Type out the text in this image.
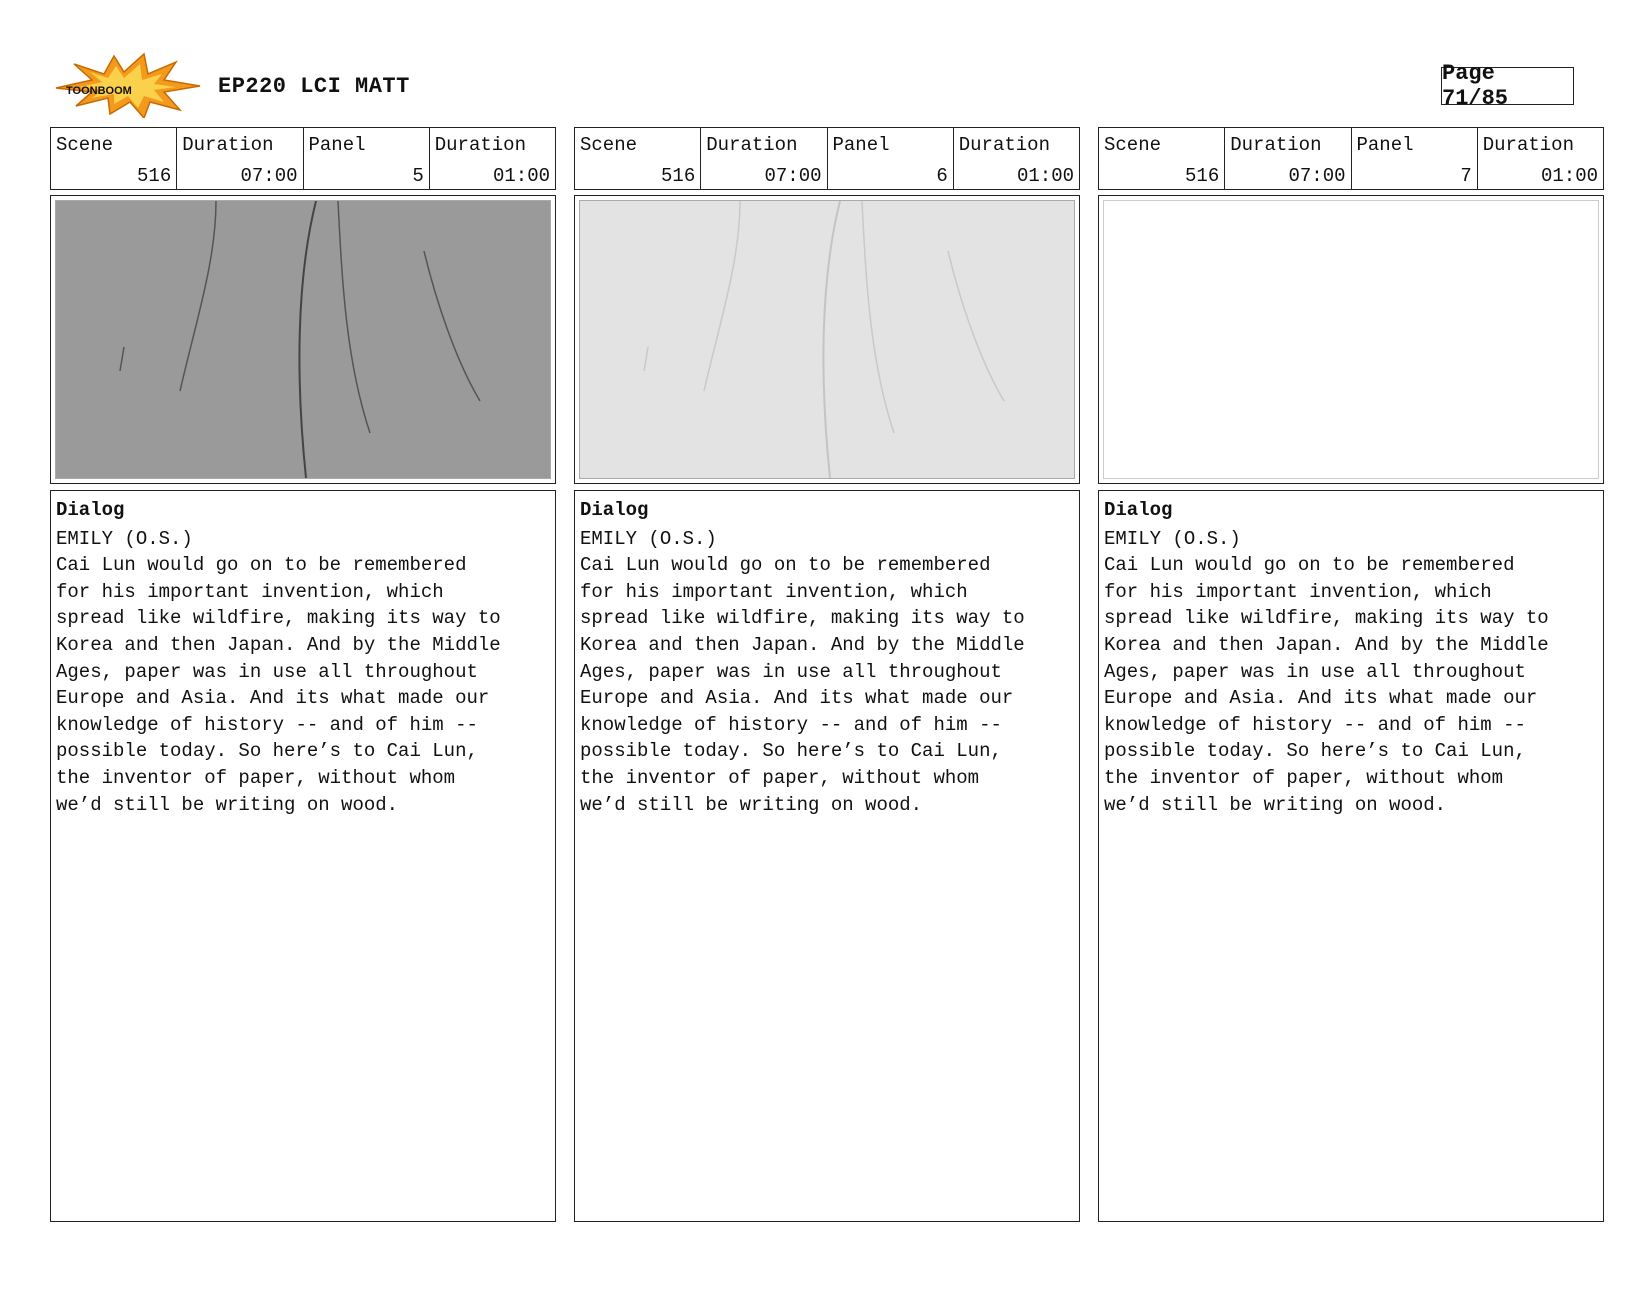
TOONBOOM	EP220 LCI MATT
Page 71/85
Scene
516
Duration
07:00
Panel
5
Duration
01:00
Dialog
EMILY (O.S.)
Cai Lun would go on to be remembered
for his important invention, which
spread like wildfire, making its way to
Korea and then Japan. And by the Middle
Ages, paper was in use all throughout
Europe and Asia. And its what made our
knowledge of history -- and of him --
possible today. So here’s to Cai Lun,
the inventor of paper, without whom
we’d still be writing on wood.
Scene
516
Duration
07:00
Panel
6
Duration
01:00
Dialog
EMILY (O.S.)
Cai Lun would go on to be remembered
for his important invention, which
spread like wildfire, making its way to
Korea and then Japan. And by the Middle
Ages, paper was in use all throughout
Europe and Asia. And its what made our
knowledge of history -- and of him --
possible today. So here’s to Cai Lun,
the inventor of paper, without whom
we’d still be writing on wood.
Scene
516
Duration
07:00
Panel
7
Duration
01:00
Dialog
EMILY (O.S.)
Cai Lun would go on to be remembered
for his important invention, which
spread like wildfire, making its way to
Korea and then Japan. And by the Middle
Ages, paper was in use all throughout
Europe and Asia. And its what made our
knowledge of history -- and of him --
possible today. So here’s to Cai Lun,
the inventor of paper, without whom
we’d still be writing on wood.
